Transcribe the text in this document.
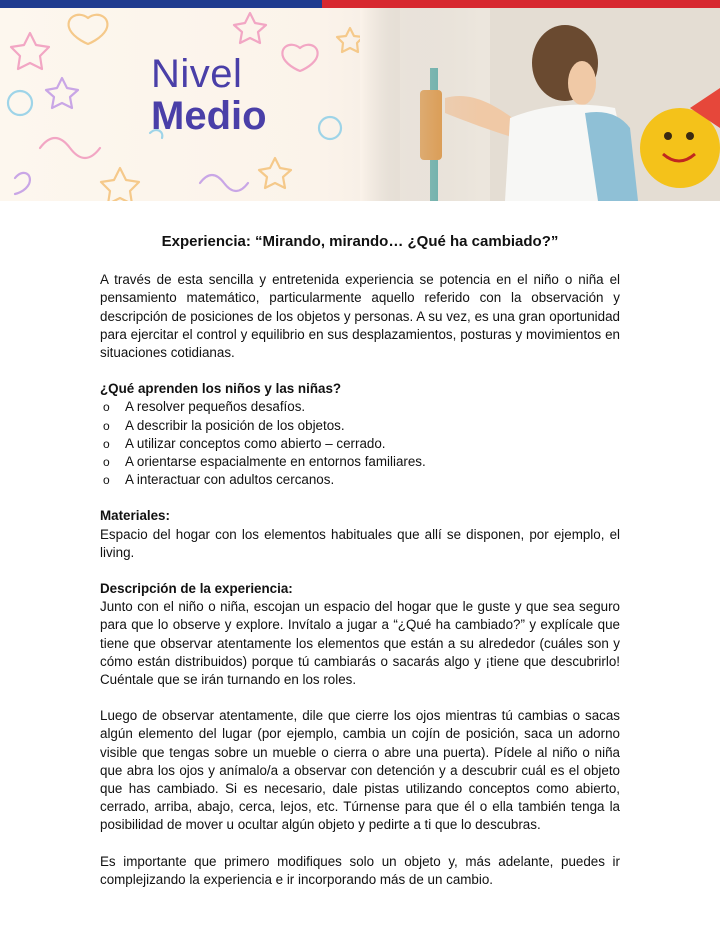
Nivel
Medio
Experiencia: “Mirando, mirando… ¿Qué ha cambiado?”

A través de esta sencilla y entretenida experiencia se potencia en el niño o niña el pensamiento matemático, particularmente aquello referido con la observación y descripción de posiciones de los objetos y personas. A su vez, es una gran oportunidad para ejercitar el control y equilibrio en sus desplazamientos, posturas y movimientos en situaciones cotidianas.

¿Qué aprenden los niños y las niñas?
o A resolver pequeños desafíos.
o A describir la posición de los objetos.
o A utilizar conceptos como abierto – cerrado.
o A orientarse espacialmente en entornos familiares.
o A interactuar con adultos cercanos.
Materiales:

Espacio del hogar con los elementos habituales que allí se disponen, por ejemplo, el living.

Descripción de la experiencia:

Junto con el niño o niña, escojan un espacio del hogar que le guste y que sea seguro para que lo observe y explore. Invítalo a jugar a “¿Qué ha cambiado?” y explícale que tiene que observar atentamente los elementos que están a su alrededor (cuáles son y cómo están distribuidos) porque tú cambiarás o sacarás algo y ¡tiene que descubrirlo! Cuéntale que se irán turnando en los roles.

Luego de observar atentamente, dile que cierre los ojos mientras tú cambias o sacas algún elemento del lugar (por ejemplo, cambia un cojín de posición, saca un adorno visible que tengas sobre un mueble o cierra o abre una puerta). Pídele al niño o niña que abra los ojos y anímalo/a a observar con detención y a descubrir cuál es el objeto que has cambiado. Si es necesario, dale pistas utilizando conceptos como abierto, cerrado, arriba, abajo, cerca, lejos, etc. Túrnense para que él o ella también tenga la posibilidad de mover u ocultar algún objeto y pedirte a ti que lo descubras.

Es importante que primero modifiques solo un objeto y, más adelante, puedes ir complejizando la experiencia e ir incorporando más de un cambio.
